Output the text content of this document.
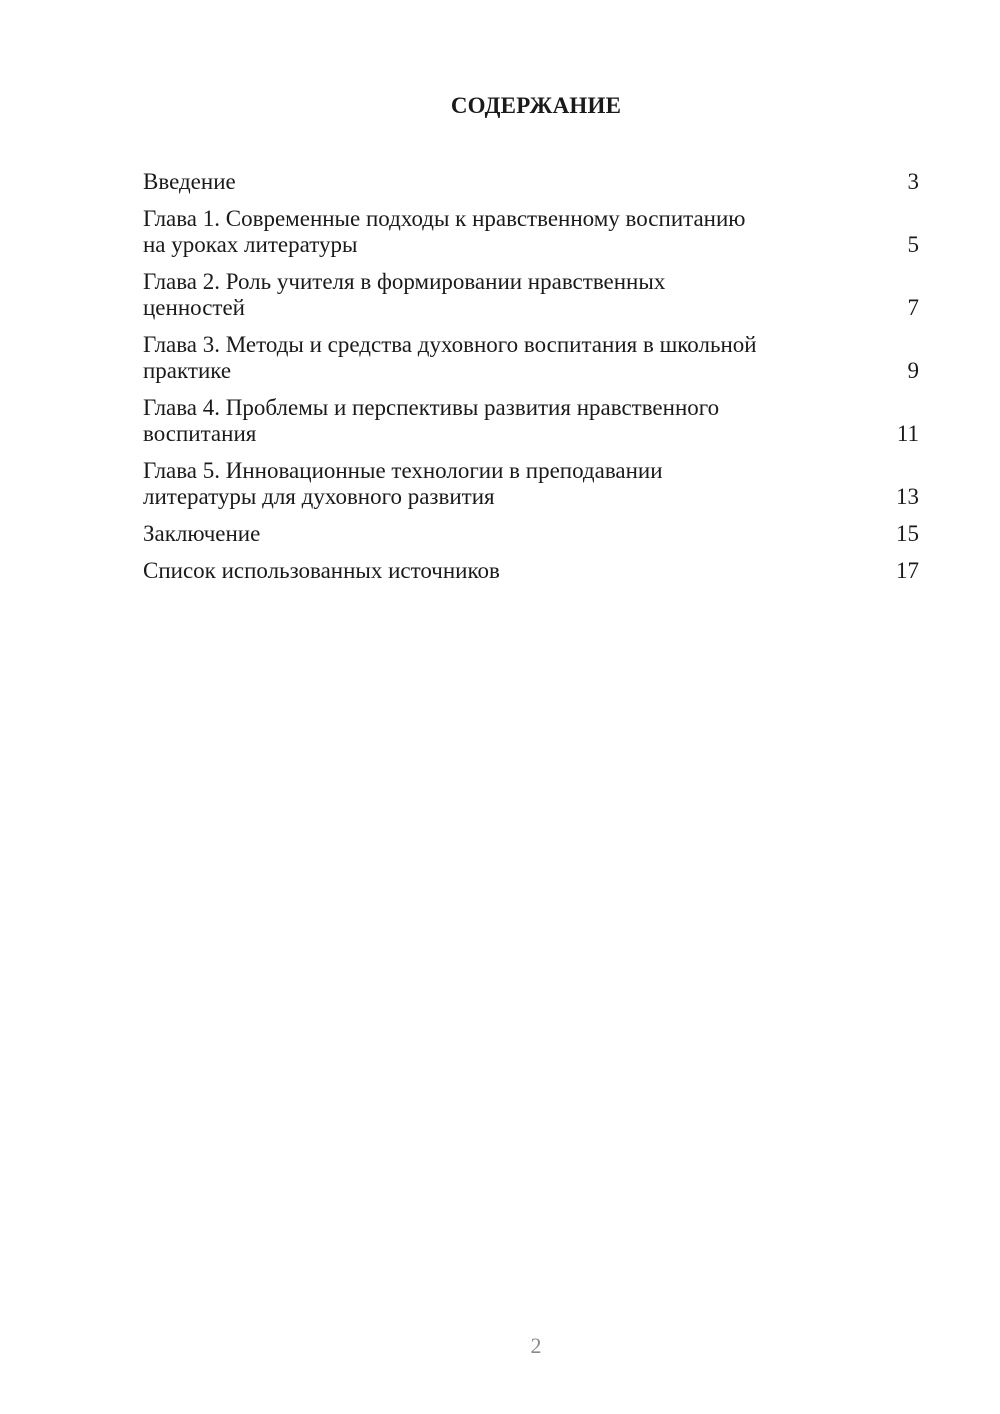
СОДЕРЖАНИЕ
Введение	3
Глава 1. Современные подходы к нравственному воспитанию
на уроках литературы	5
Глава 2. Роль учителя в формировании нравственных
ценностей	7
Глава 3. Методы и средства духовного воспитания в школьной
практике	9
Глава 4. Проблемы и перспективы развития нравственного
воспитания	11
Глава 5. Инновационные технологии в преподавании
литературы для духовного развития	13
Заключение	15
Список использованных источников	17
2
